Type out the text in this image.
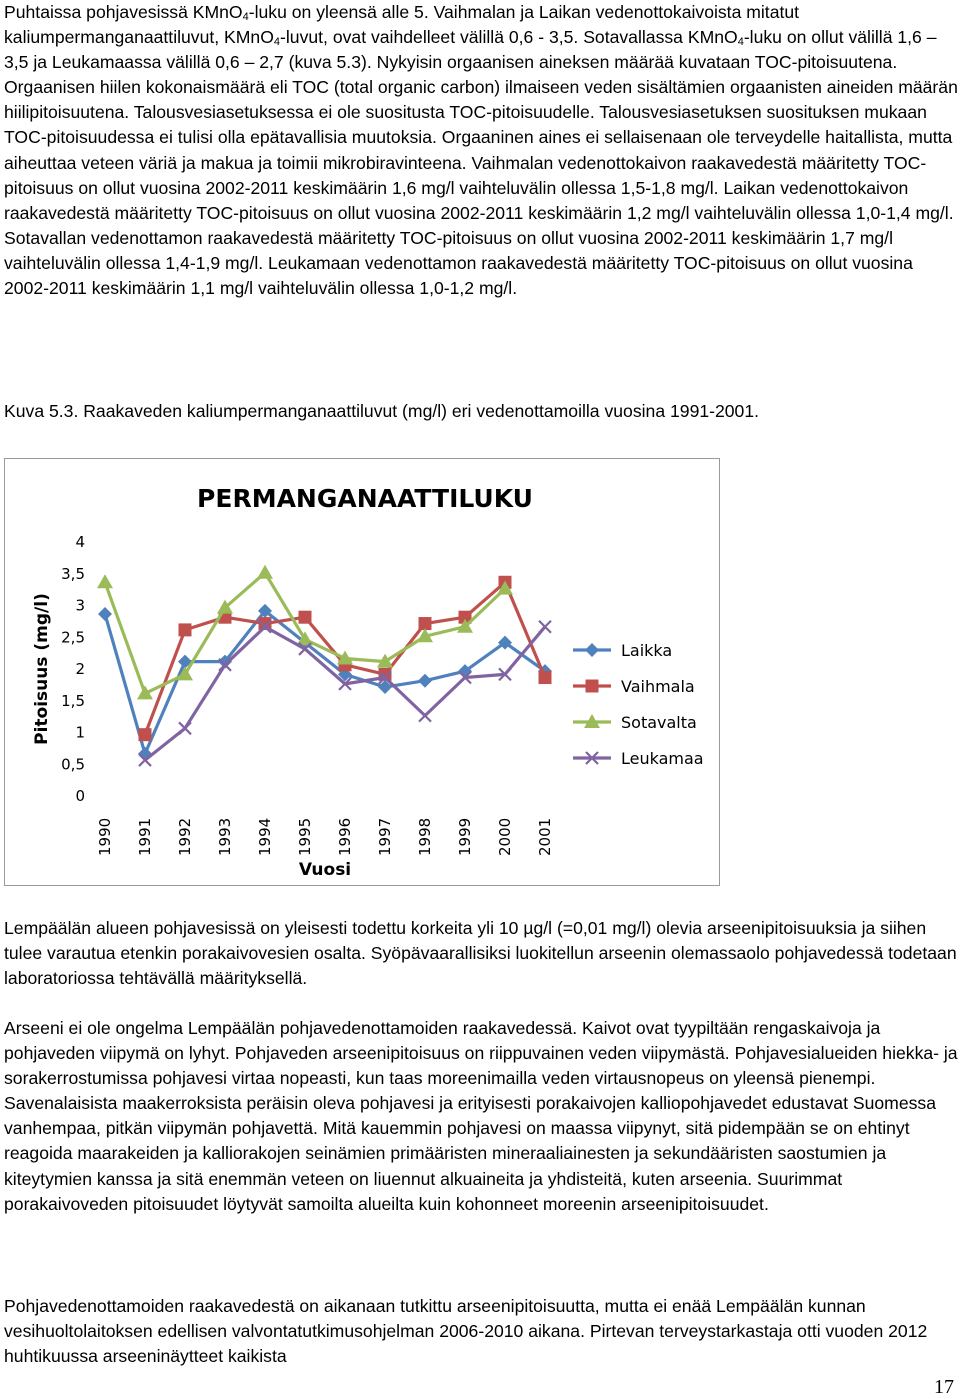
Puhtaissa pohjavesissä KMnO$_4$-luku on yleensä alle 5. Vaihmalan ja Laikan vedenottokaivoista mitatut kaliumpermanganaattiluvut, KMnO$_4$-luvut, ovat vaihdelleet välillä 0,6 - 3,5. Sotavallassa KMnO$_4$-luku on ollut välillä 1,6 – 3,5 ja Leukamaassa välillä 0,6 – 2,7 (kuva 5.3). Nykyisin orgaanisen aineksen määrää kuvataan TOC-pitoisuutena. Orgaanisen hiilen kokonaismäärä eli TOC (total organic carbon) ilmaiseen veden sisältämien orgaanisten aineiden määrän hiilipitoisuutena. Talousvesiasetuksessa ei ole suositusta TOC-pitoisuudelle. Talousvesiasetuksen suosituksen mukaan TOC-pitoisuudessa ei tulisi olla epätavallisia muutoksia. Orgaaninen aines ei sellaisenaan ole terveydelle haitallista, mutta aiheuttaa veteen väriä ja makua ja toimii mikrobiravinteena. Vaihmalan vedenottokaivon raakavedestä määritetty TOC-pitoisuus on ollut vuosina 2002-2011 keskimäärin 1,6 mg/l vaihteluvälin ollessa 1,5-1,8 mg/l. Laikan vedenottokaivon raakavedestä määritetty TOC-pitoisuus on ollut vuosina 2002-2011 keskimäärin 1,2 mg/l vaihteluvälin ollessa 1,0-1,4 mg/l. Sotavallan vedenottamon raakavedestä määritetty TOC-pitoisuus on ollut vuosina 2002-2011 keskimäärin 1,7 mg/l vaihteluvälin ollessa 1,4-1,9 mg/l. Leukamaan vedenottamon raakavedestä määritetty TOC-pitoisuus on ollut vuosina 2002-2011 keskimäärin 1,1 mg/l vaihteluvälin ollessa 1,0-1,2 mg/l.

Kuva 5.3. Raakaveden kaliumpermanganaattiluvut (mg/l) eri vedenottamoilla vuosina 1991-2001.

PERMANGANAATTILUKU
0
0,5
1
1,5
2
2,5
3
3,5
4
1990 1991 1992 1993 1994 1995 1996 1997 1998 1999 2000 2001
Vuosi
Pitoisuus (mg/l)	Laikka
Vaihmala
Sotavalta
Leukamaa

Lempäälän alueen pohjavesissä on yleisesti todettu korkeita yli 10 µg/l (=0,01 mg/l) olevia arseenipitoisuuksia ja siihen tulee varautua etenkin porakaivovesien osalta. Syöpävaarallisiksi luokitellun arseenin olemassaolo pohjavedessä todetaan laboratoriossa tehtävällä määrityksellä.

Arseeni ei ole ongelma Lempäälän pohjavedenottamoiden raakavedessä. Kaivot ovat tyypiltään rengaskaivoja ja pohjaveden viipymä on lyhyt. Pohjaveden arseenipitoisuus on riippuvainen veden viipymästä. Pohjavesialueiden hiekka- ja sorakerrostumissa pohjavesi virtaa nopeasti, kun taas moreenimailla veden virtausnopeus on yleensä pienempi. Savenalaisista maakerroksista peräisin oleva pohjavesi ja erityisesti porakaivojen kalliopohjavedet edustavat Suomessa vanhempaa, pitkän viipymän pohjavettä. Mitä kauemmin pohjavesi on maassa viipynyt, sitä pidempään se on ehtinyt reagoida maarakeiden ja kalliorakojen seinämien primääristen mineraaliainesten ja sekundääristen saostumien ja kiteytymien kanssa ja sitä enemmän veteen on liuennut alkuaineita ja yhdisteitä, kuten arseenia. Suurimmat porakaivoveden pitoisuudet löytyvät samoilta alueilta kuin kohonneet moreenin arseenipitoisuudet.

Pohjavedenottamoiden raakavedestä on aikanaan tutkittu arseenipitoisuutta, mutta ei enää Lempäälän kunnan vesihuoltolaitoksen edellisen valvontatutkimusohjelman 2006-2010 aikana. Pirtevan terveystarkastaja otti vuoden 2012 huhtikuussa arseeninäytteet kaikista

17
